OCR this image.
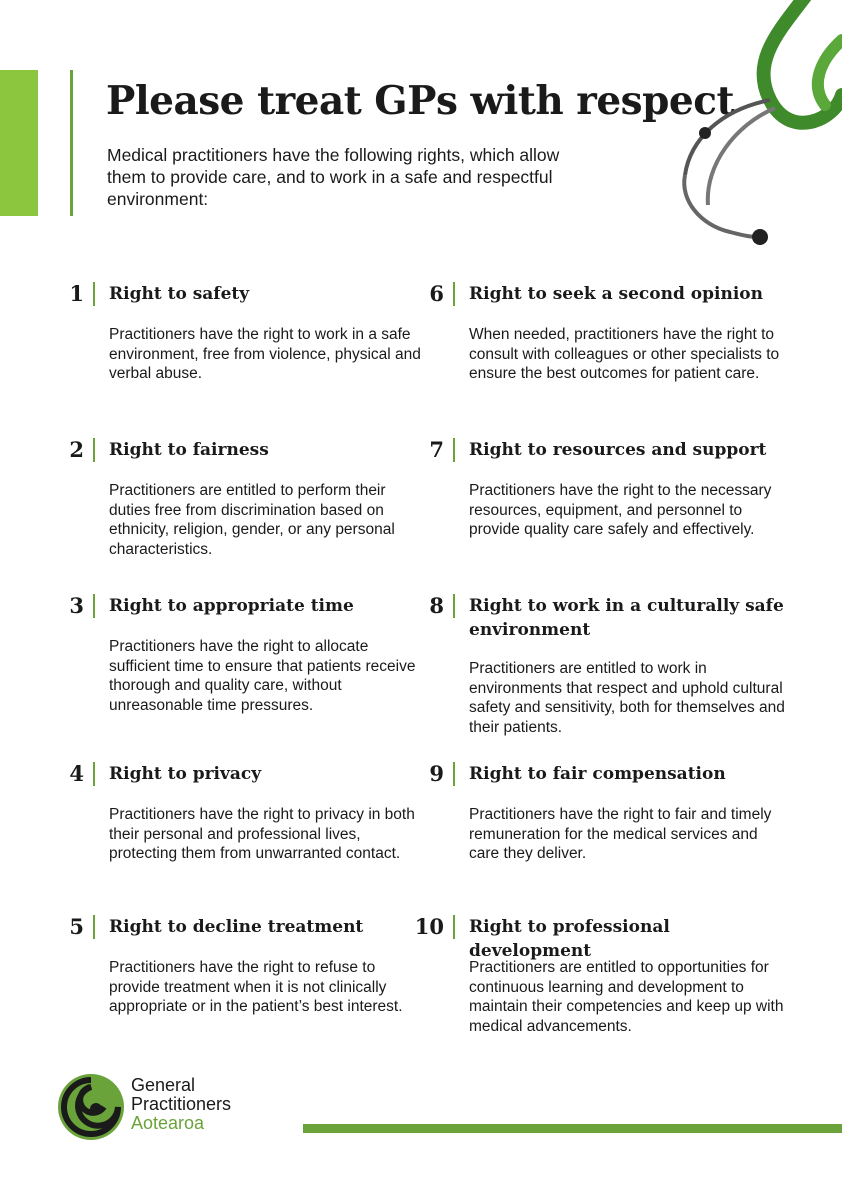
Please treat GPs with respect

Medical practitioners have the following rights, which allow them to provide care, and to work in a safe and respectful environment:

1 Right to safety
Practitioners have the right to work in a safe environment, free from violence, physical and verbal abuse.
2 Right to fairness
Practitioners are entitled to perform their duties free from discrimination based on ethnicity, religion, gender, or any personal characteristics.
3 Right to appropriate time
Practitioners have the right to allocate sufficient time to ensure that patients receive thorough and quality care, without unreasonable time pressures.
4 Right to privacy
Practitioners have the right to privacy in both their personal and professional lives, protecting them from unwarranted contact.
5 Right to decline treatment
Practitioners have the right to refuse to provide treatment when it is not clinically appropriate or in the patient’s best interest.
6 Right to seek a second opinion
When needed, practitioners have the right to consult with colleagues or other specialists to ensure the best outcomes for patient care.
7 Right to resources and support
Practitioners have the right to the necessary resources, equipment, and personnel to provide quality care safely and effectively.
8 Right to work in a culturally safe environment
Practitioners are entitled to work in environments that respect and uphold cultural safety and sensitivity, both for themselves and their patients.
9 Right to fair compensation
Practitioners have the right to fair and timely remuneration for the medical services and care they deliver.
10 Right to professional development
Practitioners are entitled to opportunities for continuous learning and development to maintain their competencies and keep up with medical advancements.
General
Practitioners
Aotearoa
